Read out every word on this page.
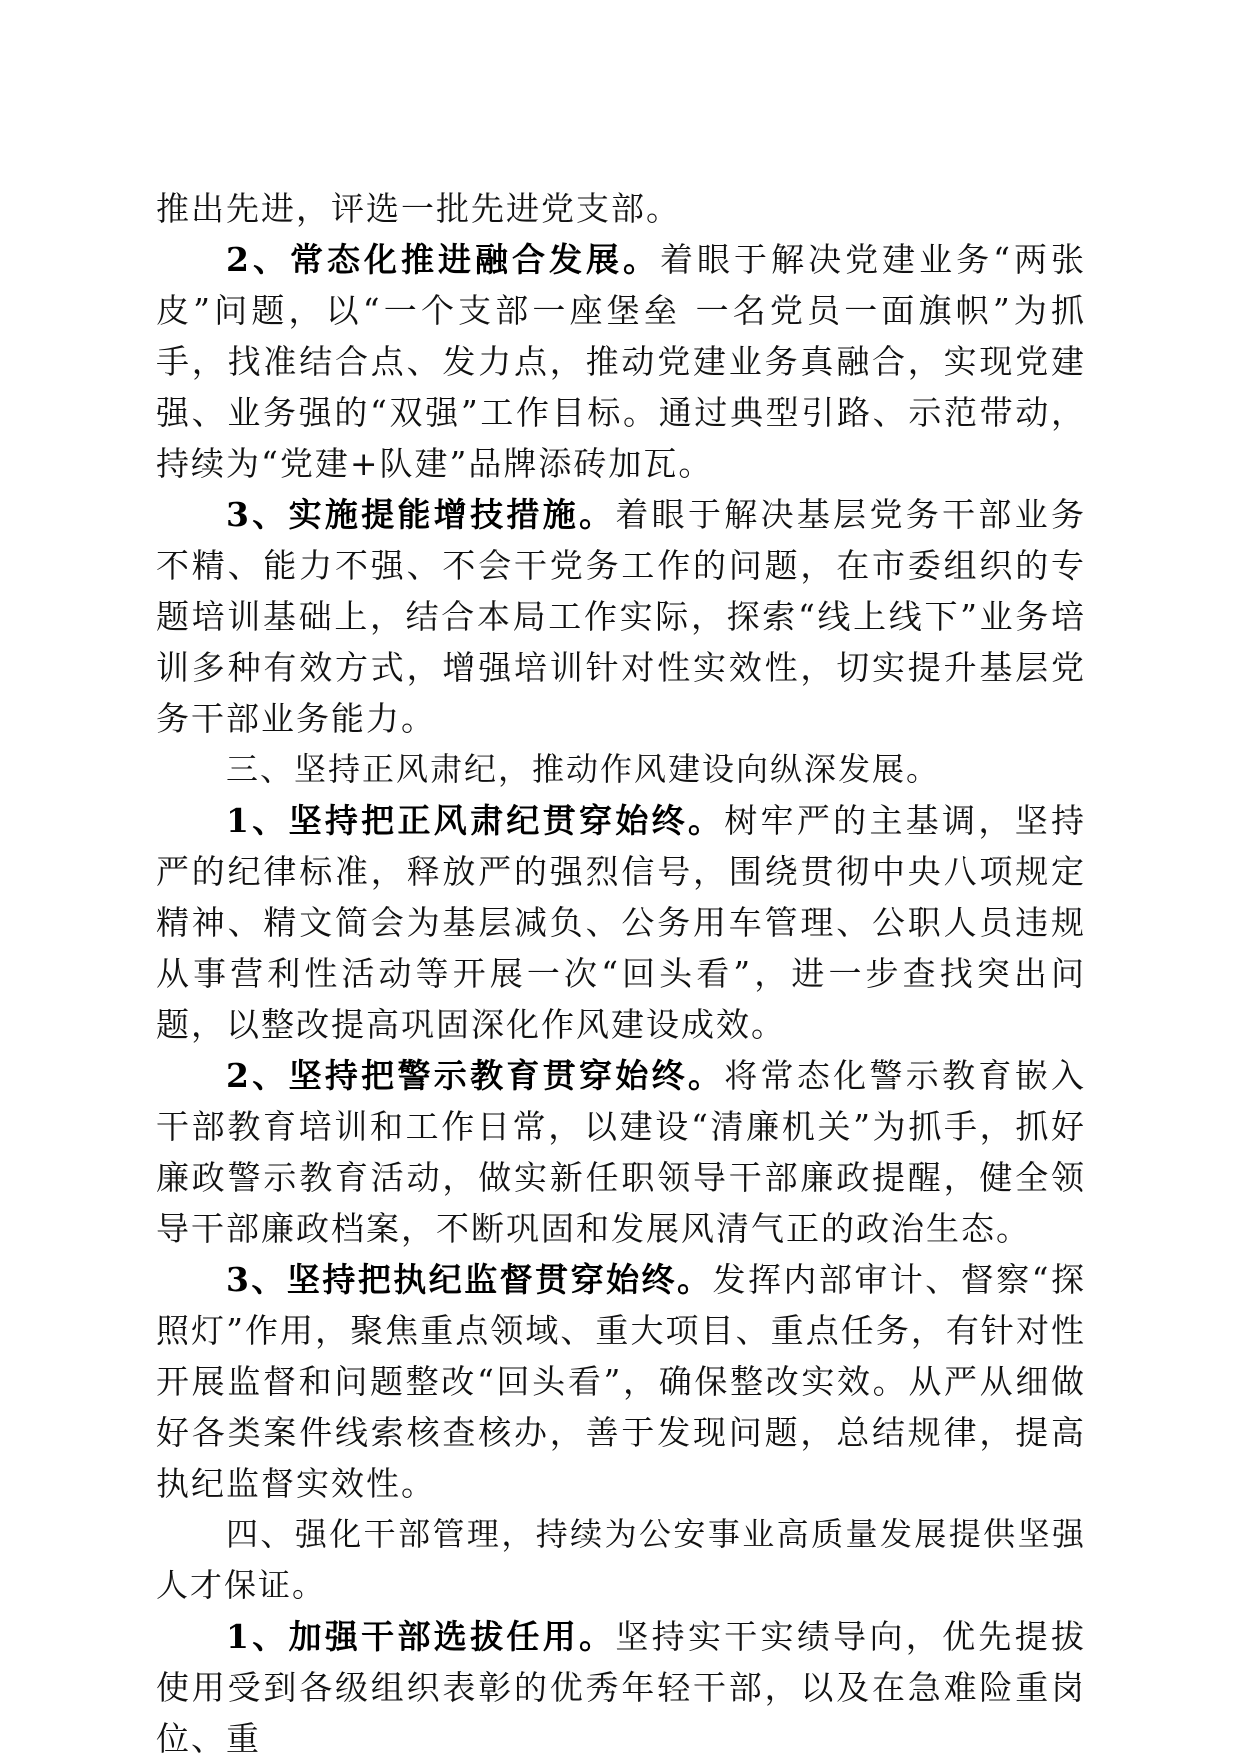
推出先进，评选一批先进党支部。

2、常态化推进融合发展。着眼于解决党建业务“两张皮”问题，以“一个支部一座堡垒 一名党员一面旗帜”为抓手，找准结合点、发力点，推动党建业务真融合，实现党建强、业务强的“双强”工作目标。通过典型引路、示范带动，持续为“党建+队建”品牌添砖加瓦。

3、实施提能增技措施。着眼于解决基层党务干部业务不精、能力不强、不会干党务工作的问题，在市委组织的专题培训基础上，结合本局工作实际，探索“线上线下”业务培训多种有效方式，增强培训针对性实效性，切实提升基层党务干部业务能力。

三、坚持正风肃纪，推动作风建设向纵深发展。

1、坚持把正风肃纪贯穿始终。树牢严的主基调，坚持严的纪律标准，释放严的强烈信号，围绕贯彻中央八项规定精神、精文简会为基层减负、公务用车管理、公职人员违规从事营利性活动等开展一次“回头看”，进一步查找突出问题，以整改提高巩固深化作风建设成效。

2、坚持把警示教育贯穿始终。将常态化警示教育嵌入干部教育培训和工作日常，以建设“清廉机关”为抓手，抓好廉政警示教育活动，做实新任职领导干部廉政提醒，健全领导干部廉政档案，不断巩固和发展风清气正的政治生态。

3、坚持把执纪监督贯穿始终。发挥内部审计、督察“探照灯”作用，聚焦重点领域、重大项目、重点任务，有针对性开展监督和问题整改“回头看”，确保整改实效。从严从细做好各类案件线索核查核办，善于发现问题，总结规律，提高执纪监督实效性。

四、强化干部管理，持续为公安事业高质量发展提供坚强人才保证。

1、加强干部选拔任用。坚持实干实绩导向，优先提拔使用受到各级组织表彰的优秀年轻干部，以及在急难险重岗位、重
